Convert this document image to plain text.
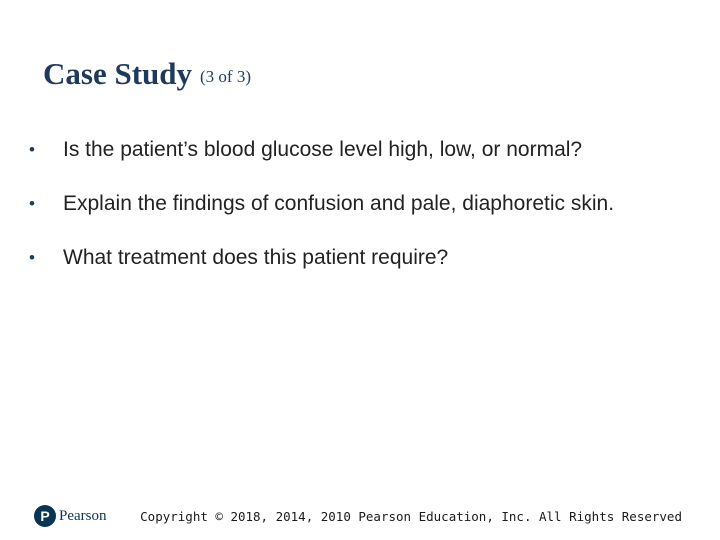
Case Study (3 of 3)
•	Is the patient’s blood glucose level high, low, or normal?
•	Explain the findings of confusion and pale, diaphoretic skin.
•	What treatment does this patient require?
P Pearson	Copyright © 2018, 2014, 2010 Pearson Education, Inc. All Rights Reserved
